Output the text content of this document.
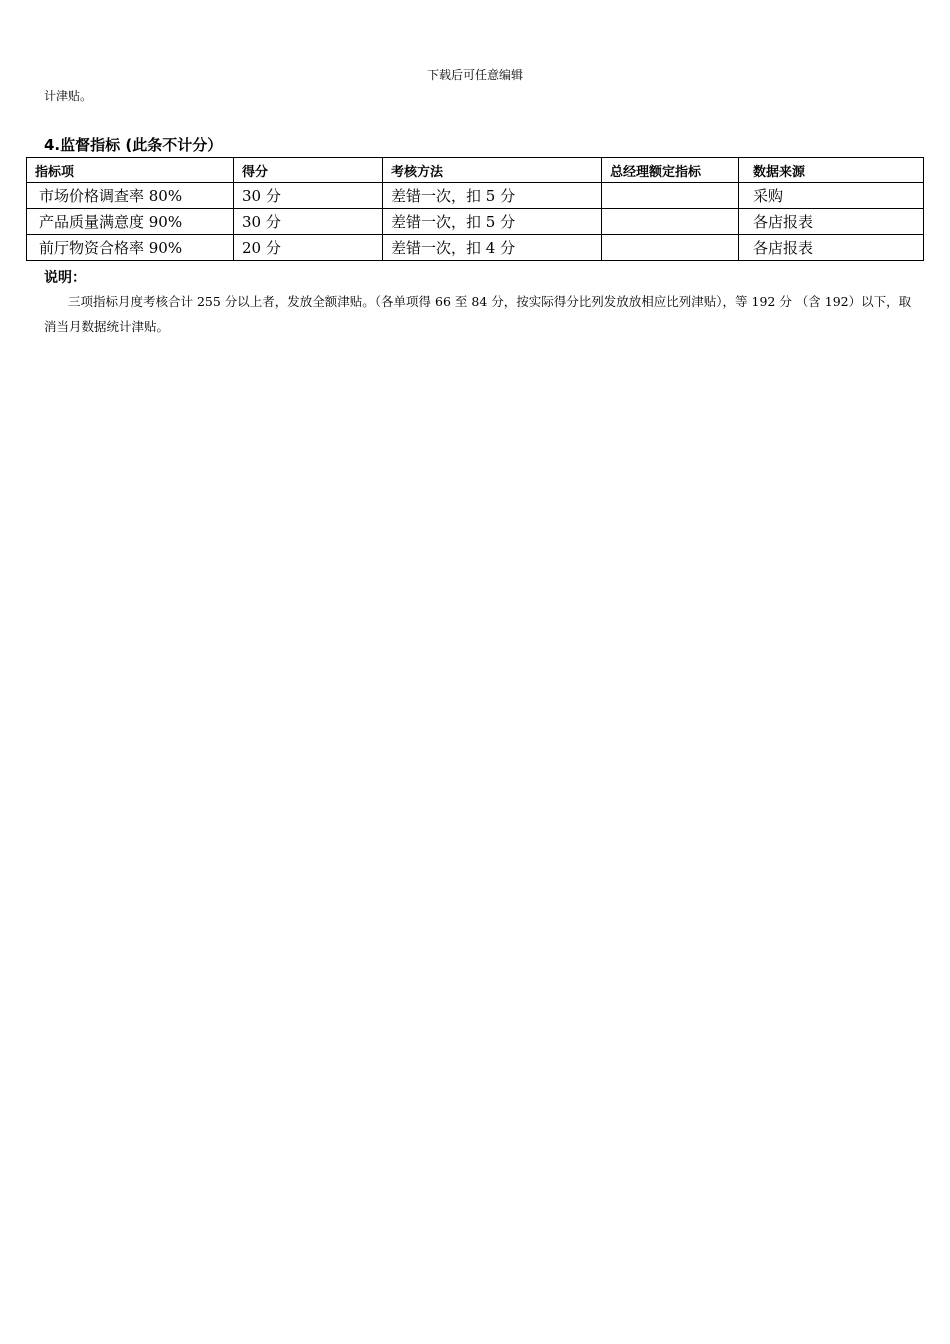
下载后可任意编辑
计津贴。
4.监督指标 (此条不计分）
指标项	得分	考核方法	总经理额定指标	数据来源
市场价格调查率 80%	30 分	差错一次，扣 5 分		采购
产品质量满意度 90%	30 分	差错一次，扣 5 分		各店报表
前厅物资合格率 90%	20 分	差错一次，扣 4 分		各店报表
说明：
三项指标月度考核合计 255 分以上者，发放全额津贴。（各单项得 66 至 84 分，按实际得分比列发放放相应比列津贴），等 192 分 （含 192）以下，取消当月数据统计津贴。
